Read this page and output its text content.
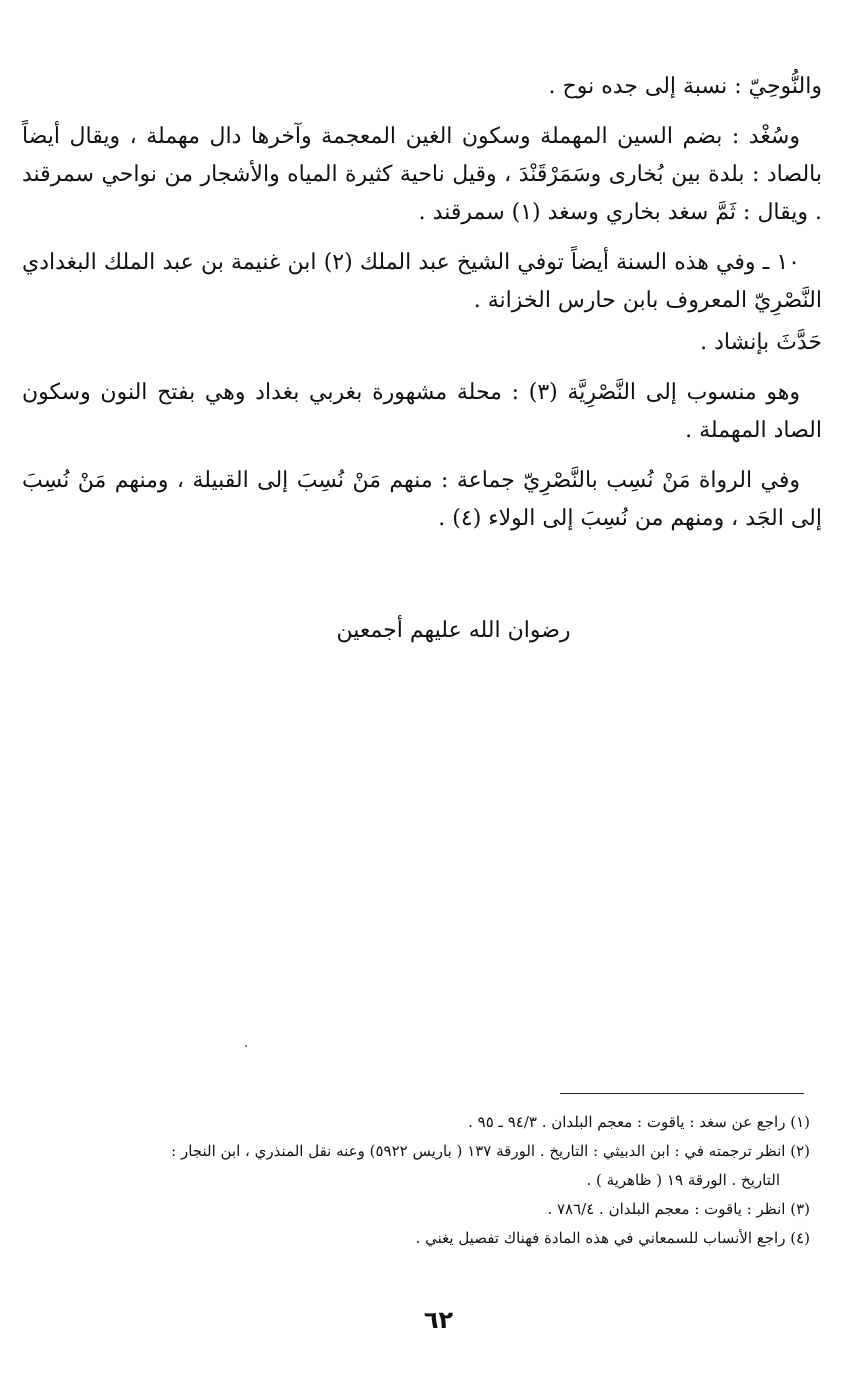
والنُّوحِيّ : نسبة إلى جده نوح .

وسُغْد : بضم السين المهملة وسكون الغين المعجمة وآخرها دال مهملة ، ويقال أيضاً بالصاد : بلدة بين بُخارى وسَمَرْقَنْدَ ، وقيل ناحية كثيرة المياه والأشجار من نواحي سمرقند . ويقال : ثَمَّ سغد بخاري وسغد (١) سمرقند .

١٠ ـ وفي هذه السنة أيضاً توفي الشيخ عبد الملك (٢) ابن غنيمة بن عبد الملك البغدادي النَّصْرِيّ المعروف بابن حارس الخزانة .

حَدَّثَ بإنشاد .

وهو منسوب إلى النَّصْرِيَّة (٣) : محلة مشهورة بغربي بغداد وهي بفتح النون وسكون الصاد المهملة .

وفي الرواة مَنْ نُسِب بالنَّصْرِيّ جماعة : منهم مَنْ نُسِبَ إلى القبيلة ، ومنهم مَنْ نُسِبَ إلى الجَد ، ومنهم من نُسِبَ إلى الولاء (٤) .

رضوان الله عليهم أجمعين

(١) راجع عن سغد : ياقوت : معجم البلدان . ٩٤/٣ ـ ٩٥ .

(٢) انظر ترجمته في : ابن الدبيثي : التاريخ . الورقة ١٣٧ ( باريس ٥٩٢٢) وعنه نقل المنذري ، ابن النجار :

التاريخ . الورقة ١٩ ( ظاهرية ) .

(٣) انظر : ياقوت : معجم البلدان . ٧٨٦/٤ .

(٤) راجع الأنساب للسمعاني في هذه المادة فهناك تفصيل يغني .

٦٢
